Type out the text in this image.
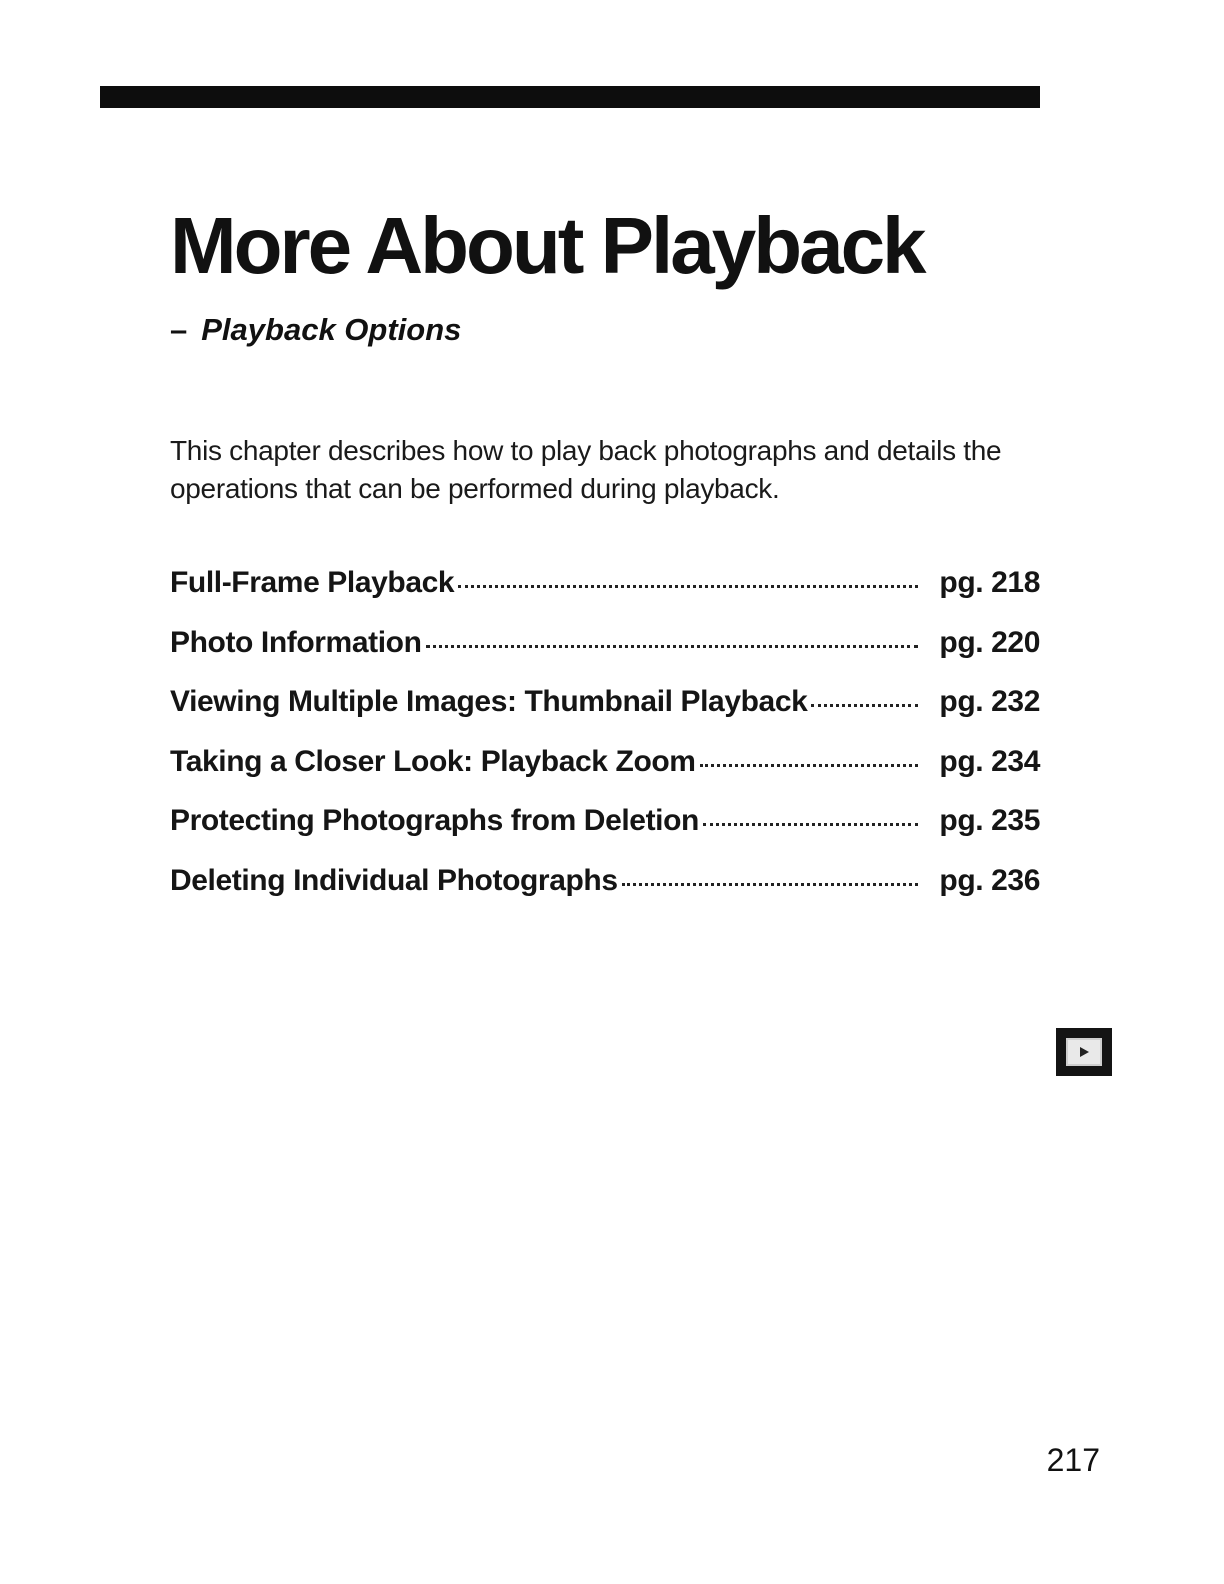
More About Playback
– Playback Options

This chapter describes how to play back photographs and details the operations that can be performed during playback.

Full-Frame Playback	pg. 218
Photo Information	pg. 220
Viewing Multiple Images: Thumbnail Playback	pg. 232
Taking a Closer Look: Playback Zoom	pg. 234
Protecting Photographs from Deletion	pg. 235
Deleting Individual Photographs	pg. 236

217
